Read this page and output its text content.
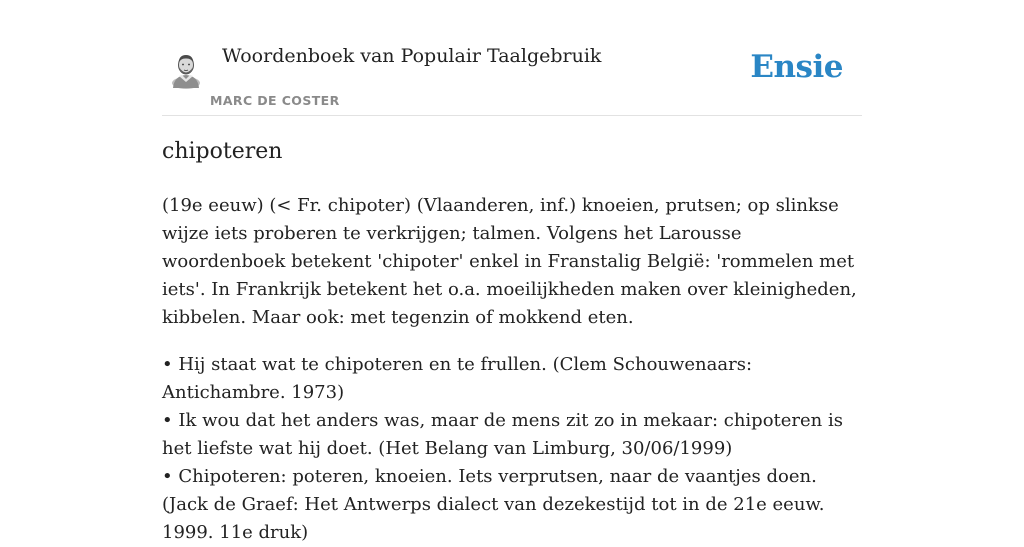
Woordenboek van Populair Taalgebruik
MARC DE COSTER
Ensie
chipoteren

(19e eeuw) (< Fr. chipoter) (Vlaanderen, inf.) knoeien, prutsen; op slinkse wijze iets proberen te verkrijgen; talmen. Volgens het Larousse woordenboek betekent 'chipoter' enkel in Franstalig België: 'rommelen met iets'. In Frankrijk betekent het o.a. moeilijkheden maken over kleinigheden, kibbelen. Maar ook: met tegenzin of mokkend eten.

• Hij staat wat te chipoteren en te frullen. (Clem Schouwenaars: Antichambre. 1973)
• Ik wou dat het anders was, maar de mens zit zo in mekaar: chipoteren is het liefste wat hij doet. (Het Belang van Limburg, 30/06/1999)
• Chipoteren: poteren, knoeien. Iets verprutsen, naar de vaantjes doen. (Jack de Graef: Het Antwerps dialect van dezekestijd tot in de 21e eeuw. 1999. 11e druk)
